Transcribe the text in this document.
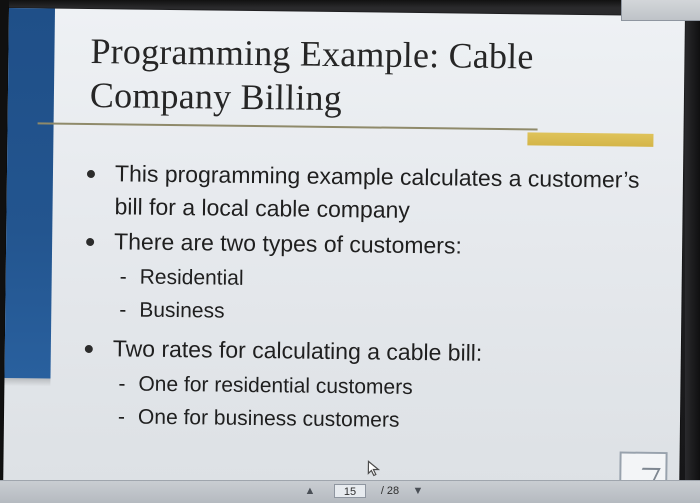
Programming Example: Cable
Company Billing
This programming example calculates a customer’s bill for a local cable company
There are two types of customers:
- Residential
- Business
Two rates for calculating a cable bill:
- One for residential customers
- One for business customers
▲	15	/ 28	▼
